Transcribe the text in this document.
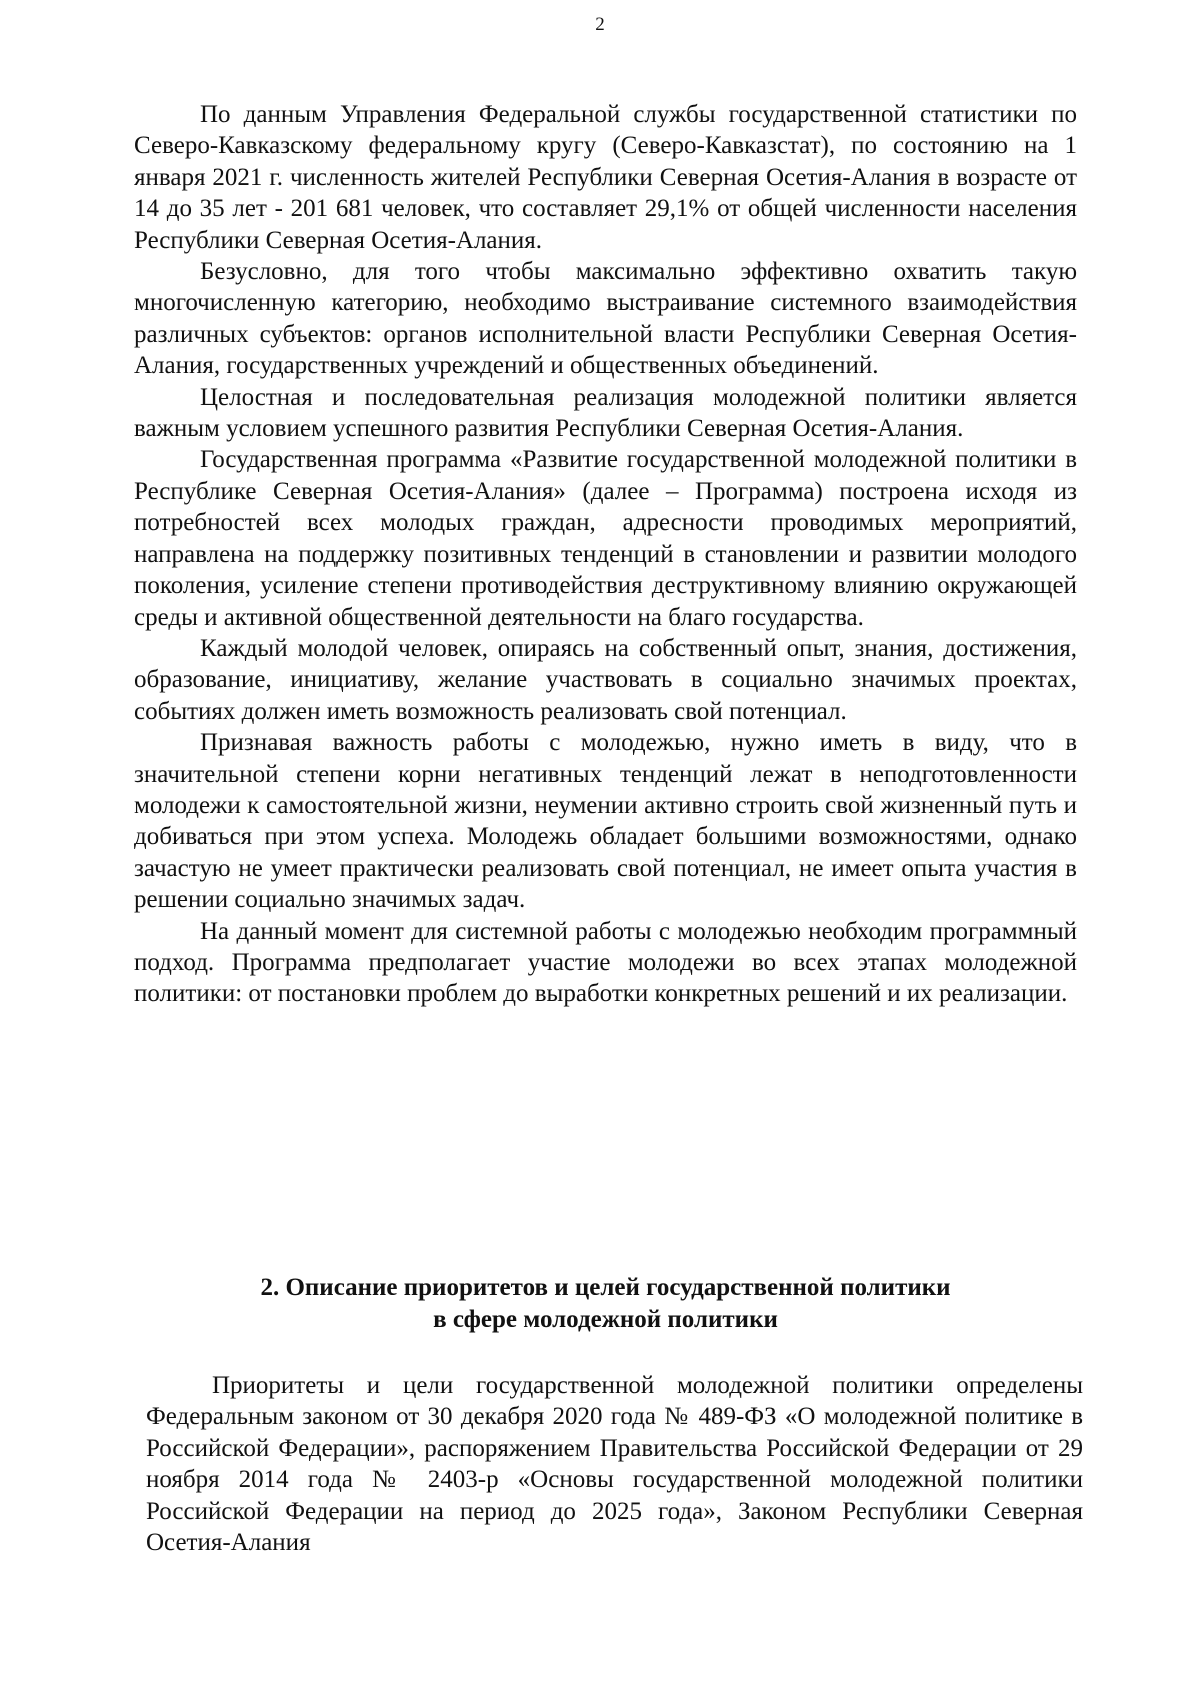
2

По данным Управления Федеральной службы государственной статистики по Северо-Кавказскому федеральному кругу (Северо-Кавказстат), по состоянию на 1 января 2021 г. численность жителей Республики Северная Осетия-Алания в возрасте от 14 до 35 лет - 201 681 человек, что составляет 29,1% от общей численности населения Республики Северная Осетия-Алания.

Безусловно, для того чтобы максимально эффективно охватить такую многочисленную категорию, необходимо выстраивание системного взаимодействия различных субъектов: органов исполнительной власти Республики Северная Осетия-Алания, государственных учреждений и общественных объединений.

Целостная и последовательная реализация молодежной политики является важным условием успешного развития Республики Северная Осетия-Алания.

Государственная программа «Развитие государственной молодежной политики в Республике Северная Осетия-Алания» (далее – Программа) построена исходя из потребностей всех молодых граждан, адресности проводимых мероприятий, направлена на поддержку позитивных тенденций в становлении и развитии молодого поколения, усиление степени противодействия деструктивному влиянию окружающей среды и активной общественной деятельности на благо государства.

Каждый молодой человек, опираясь на собственный опыт, знания, достижения, образование, инициативу, желание участвовать в социально значимых проектах, событиях должен иметь возможность реализовать свой потенциал.

Признавая важность работы с молодежью, нужно иметь в виду, что в значительной степени корни негативных тенденций лежат в неподготовленности молодежи к самостоятельной жизни, неумении активно строить свой жизненный путь и добиваться при этом успеха. Молодежь обладает большими возможностями, однако зачастую не умеет практически реализовать свой потенциал, не имеет опыта участия в решении социально значимых задач.

На данный момент для системной работы с молодежью необходим программный подход. Программа предполагает участие молодежи во всех этапах молодежной политики: от постановки проблем до выработки конкретных решений и их реализации.

2. Описание приоритетов и целей государственной политики
в сфере молодежной политики

Приоритеты и цели государственной молодежной политики определены Федеральным законом от 30 декабря 2020 года № 489-ФЗ «О молодежной политике в Российской Федерации», распоряжением Правительства Российской Федерации от 29 ноября 2014 года № 2403-р «Основы государственной молодежной политики Российской Федерации на период до 2025 года», Законом Республики Северная Осетия-Алания
